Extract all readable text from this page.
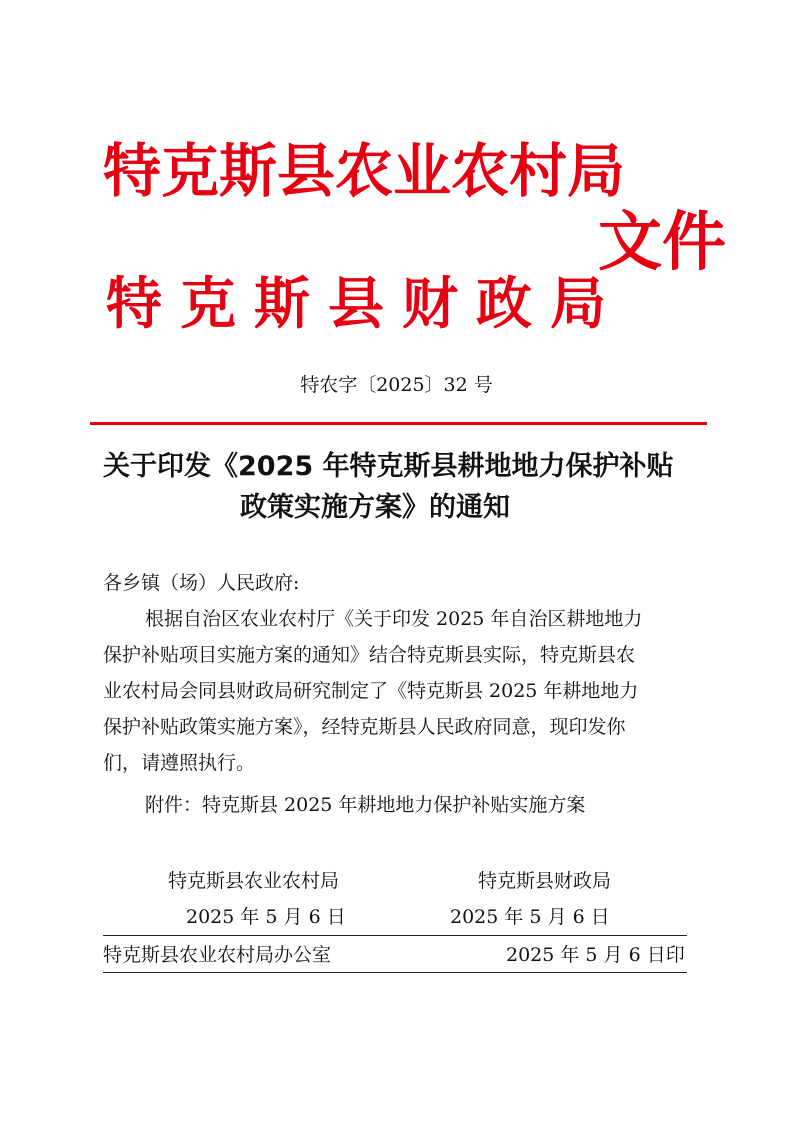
特克斯县农业农村局
文件
特克斯县财政局
特农字〔2025〕32 号
关于印发《2025 年特克斯县耕地地力保护补贴
政策实施方案》的通知
各乡镇（场）人民政府:
根据自治区农业农村厅《关于印发 2025 年自治区耕地地力
保护补贴项目实施方案的通知》结合特克斯县实际，特克斯县农
业农村局会同县财政局研究制定了《特克斯县 2025 年耕地地力
保护补贴政策实施方案》，经特克斯县人民政府同意，现印发你
们，请遵照执行。
附件：特克斯县 2025 年耕地地力保护补贴实施方案
特克斯县农业农村局	特克斯县财政局
2025 年 5 月 6 日	2025 年 5 月 6 日
特克斯县农业农村局办公室	2025 年 5 月 6 日印
